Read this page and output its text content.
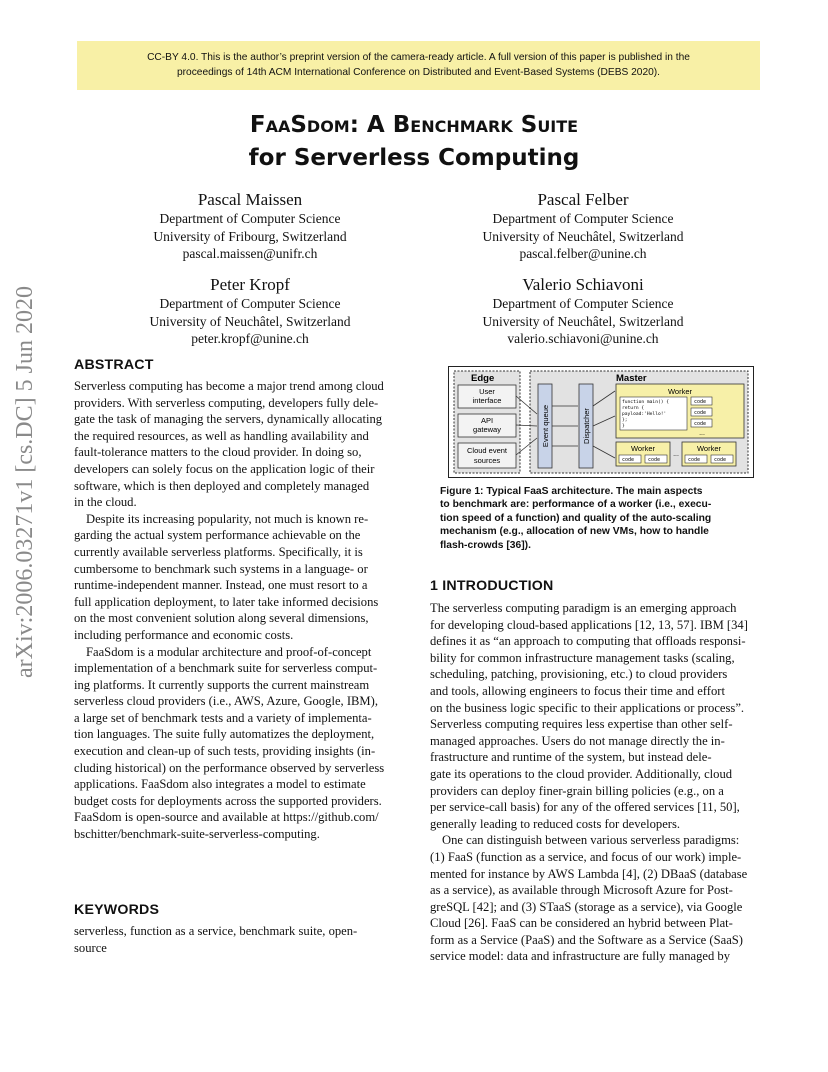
CC-BY 4.0. This is the author’s preprint version of the camera-ready article. A full version of this paper is published in the
proceedings of 14th ACM International Conference on Distributed and Event-Based Systems (DEBS 2020).
FaaSdom: A Benchmark Suite
for Serverless Computing
Pascal Maissen
Department of Computer Science
University of Fribourg, Switzerland
pascal.maissen@unifr.ch
Pascal Felber
Department of Computer Science
University of Neuchâtel, Switzerland
pascal.felber@unine.ch
Peter Kropf
Department of Computer Science
University of Neuchâtel, Switzerland
peter.kropf@unine.ch
Valerio Schiavoni
Department of Computer Science
University of Neuchâtel, Switzerland
valerio.schiavoni@unine.ch
arXiv:2006.03271v1 [cs.DC] 5 Jun 2020	ABSTRACT
Serverless computing has become a major trend among cloud
providers. With serverless computing, developers fully dele-
gate the task of managing the servers, dynamically allocating
the required resources, as well as handling availability and
fault-tolerance matters to the cloud provider. In doing so,
developers can solely focus on the application logic of their
software, which is then deployed and completely managed
in the cloud.
Despite its increasing popularity, not much is known re-
garding the actual system performance achievable on the
currently available serverless platforms. Specifically, it is
cumbersome to benchmark such systems in a language- or
runtime-independent manner. Instead, one must resort to a
full application deployment, to later take informed decisions
on the most convenient solution along several dimensions,
including performance and economic costs.
FaaSdom is a modular architecture and proof-of-concept
implementation of a benchmark suite for serverless comput-
ing platforms. It currently supports the current mainstream
serverless cloud providers (i.e., AWS, Azure, Google, IBM),
a large set of benchmark tests and a variety of implementa-
tion languages. The suite fully automatizes the deployment,
execution and clean-up of such tests, providing insights (in-
cluding historical) on the performance observed by serverless
applications. FaaSdom also integrates a model to estimate
budget costs for deployments across the supported providers.
FaaSdom is open-source and available at https://github.com/
bschitter/benchmark-suite-serverless-computing.
KEYWORDS
serverless, function as a service, benchmark suite, open-
source
Edge
User
interface
API
gateway
Cloud event
sources
Master
Event queue	Dispatcher
Worker
function main() {
return {
payload:'Hello!'
};
}
code
code
code
...
Worker
code	code
...
Worker
code	code
Figure 1: Typical FaaS architecture. The main aspects
to benchmark are: performance of a worker (i.e., execu-
tion speed of a function) and quality of the auto-scaling
mechanism (e.g., allocation of new VMs, how to handle
flash-crowds [36]).
1 INTRODUCTION
The serverless computing paradigm is an emerging approach
for developing cloud-based applications [12, 13, 57]. IBM [34]
defines it as “an approach to computing that offloads responsi-
bility for common infrastructure management tasks (scaling,
scheduling, patching, provisioning, etc.) to cloud providers
and tools, allowing engineers to focus their time and effort
on the business logic specific to their applications or process”.
Serverless computing requires less expertise than other self-
managed approaches. Users do not manage directly the in-
frastructure and runtime of the system, but instead dele-
gate its operations to the cloud provider. Additionally, cloud
providers can deploy finer-grain billing policies (e.g., on a
per service-call basis) for any of the offered services [11, 50],
generally leading to reduced costs for developers.
One can distinguish between various serverless paradigms:
(1) FaaS (function as a service, and focus of our work) imple-
mented for instance by AWS Lambda [4], (2) DBaaS (database
as a service), as available through Microsoft Azure for Post-
greSQL [42]; and (3) STaaS (storage as a service), via Google
Cloud [26]. FaaS can be considered an hybrid between Plat-
form as a Service (PaaS) and the Software as a Service (SaaS)
service model: data and infrastructure are fully managed by
